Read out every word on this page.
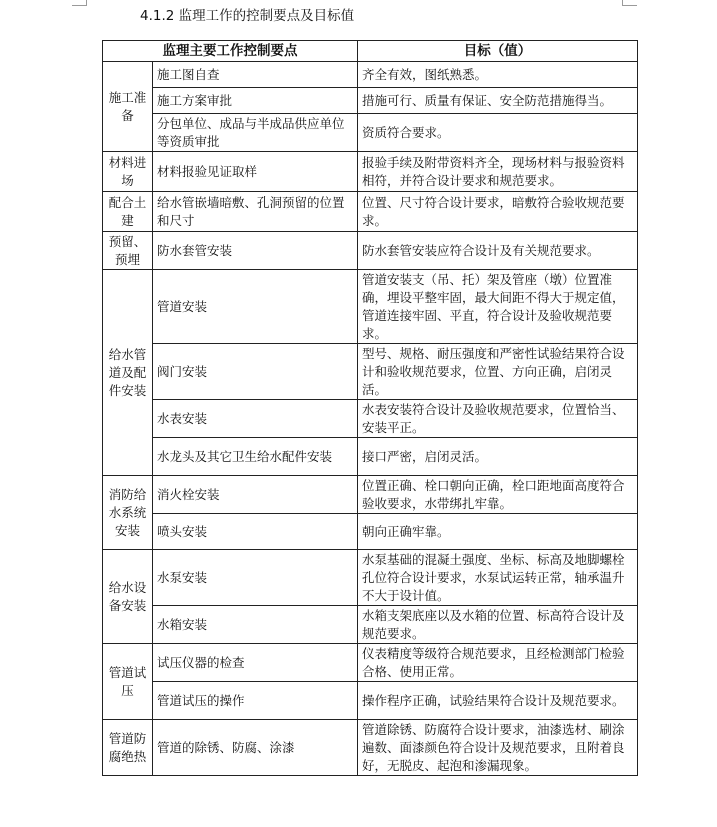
4.1.2 监理工作的控制要点及目标值
监理主要工作控制要点		目标（值）
施工准备	施工图自查	齐全有效，图纸熟悉。
	施工方案审批	措施可行、质量有保证、安全防范措施得当。
	分包单位、成品与半成品供应单位等资质审批	资质符合要求。
材料进场	材料报验见证取样	报验手续及附带资料齐全，现场材料与报验资料相符，并符合设计要求和规范要求。
配合土建	给水管嵌墙暗敷、孔洞预留的位置和尺寸	位置、尺寸符合设计要求，暗敷符合验收规范要求。
预留、预埋	防水套管安装	防水套管安装应符合设计及有关规范要求。
给水管道及配件安装	管道安装	管道安装支（吊、托）架及管座（墩）位置准确，埋设平整牢固，最大间距不得大于规定值，管道连接牢固、平直，符合设计及验收规范要求。
	阀门安装	型号、规格、耐压强度和严密性试验结果符合设计和验收规范要求，位置、方向正确，启闭灵活。
	水表安装	水表安装符合设计及验收规范要求，位置恰当、安装平正。
	水龙头及其它卫生给水配件安装	接口严密，启闭灵活。
消防给水系统安装	消火栓安装	位置正确、栓口朝向正确，栓口距地面高度符合验收要求，水带绑扎牢靠。
	喷头安装	朝向正确牢靠。
给水设备安装	水泵安装	水泵基础的混凝土强度、坐标、标高及地脚螺栓孔位符合设计要求，水泵试运转正常，轴承温升不大于设计值。
	水箱安装	水箱支架底座以及水箱的位置、标高符合设计及规范要求。
管道试压	试压仪器的检查	仪表精度等级符合规范要求，且经检测部门检验合格、使用正常。
	管道试压的操作	操作程序正确，试验结果符合设计及规范要求。
管道防腐绝热	管道的除锈、防腐、涂漆	管道除锈、防腐符合设计要求，油漆选材、刷涂遍数、面漆颜色符合设计及规范要求，且附着良好，无脱皮、起泡和渗漏现象。
